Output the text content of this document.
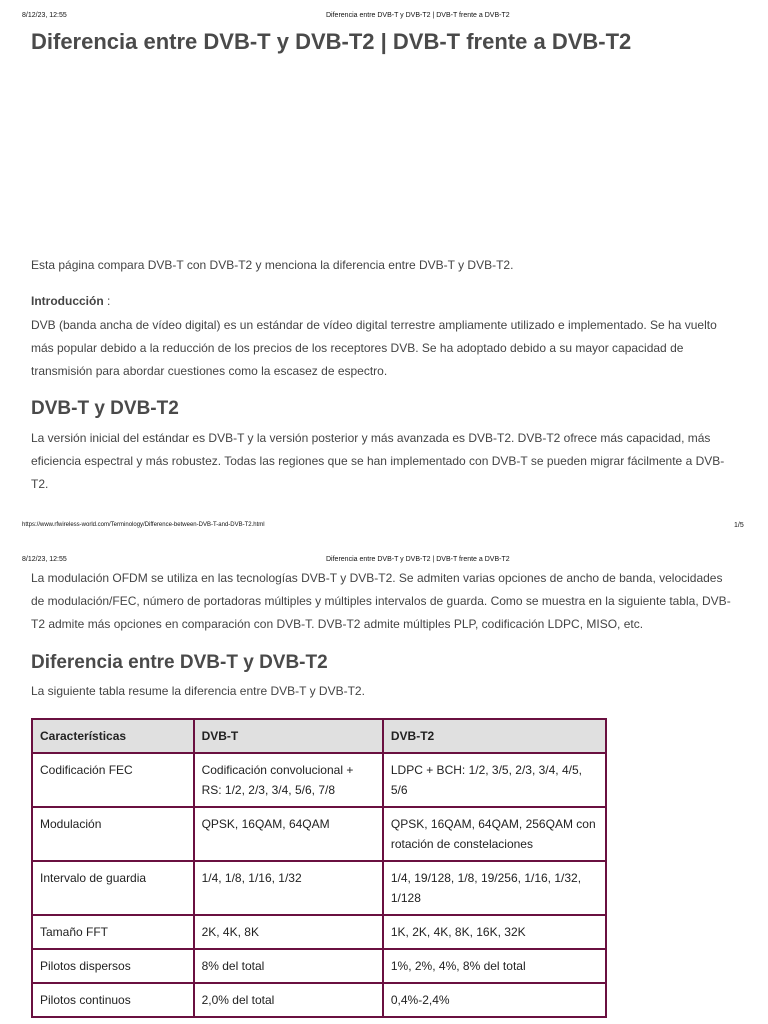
8/12/23, 12:55	Diferencia entre DVB-T y DVB-T2 | DVB-T frente a DVB-T2
Diferencia entre DVB-T y DVB-T2 | DVB-T frente a DVB-T2
Esta página compara DVB-T con DVB-T2 y menciona la diferencia entre DVB-T y DVB-T2.
Introducción :
DVB (banda ancha de vídeo digital) es un estándar de vídeo digital terrestre ampliamente utilizado e implementado. Se ha vuelto más popular debido a la reducción de los precios de los receptores DVB. Se ha adoptado debido a su mayor capacidad de transmisión para abordar cuestiones como la escasez de espectro.
DVB-T y DVB-T2
La versión inicial del estándar es DVB-T y la versión posterior y más avanzada es DVB-T2. DVB-T2 ofrece más capacidad, más eficiencia espectral y más robustez. Todas las regiones que se han implementado con DVB-T se pueden migrar fácilmente a DVB-T2.
https://www.rfwireless-world.com/Terminology/Difference-between-DVB-T-and-DVB-T2.html	1/5
8/12/23, 12:55	Diferencia entre DVB-T y DVB-T2 | DVB-T frente a DVB-T2
La modulación OFDM se utiliza en las tecnologías DVB-T y DVB-T2. Se admiten varias opciones de ancho de banda, velocidades de modulación/FEC, número de portadoras múltiples y múltiples intervalos de guarda. Como se muestra en la siguiente tabla, DVB-T2 admite más opciones en comparación con DVB-T. DVB-T2 admite múltiples PLP, codificación LDPC, MISO, etc.
Diferencia entre DVB-T y DVB-T2
La siguiente tabla resume la diferencia entre DVB-T y DVB-T2.
Características	DVB-T	DVB-T2
Codificación FEC	Codificación convolucional + RS: 1/2, 2/3, 3/4, 5/6, 7/8	LDPC + BCH: 1/2, 3/5, 2/3, 3/4, 4/5, 5/6
Modulación	QPSK, 16QAM, 64QAM	QPSK, 16QAM, 64QAM, 256QAM con rotación de constelaciones
Intervalo de guardia	1/4, 1/8, 1/16, 1/32	1/4, 19/128, 1/8, 19/256, 1/16, 1/32, 1/128
Tamaño FFT	2K, 4K, 8K	1K, 2K, 4K, 8K, 16K, 32K
Pilotos dispersos	8% del total	1%, 2%, 4%, 8% del total
Pilotos continuos	2,0% del total	0,4%-2,4%
